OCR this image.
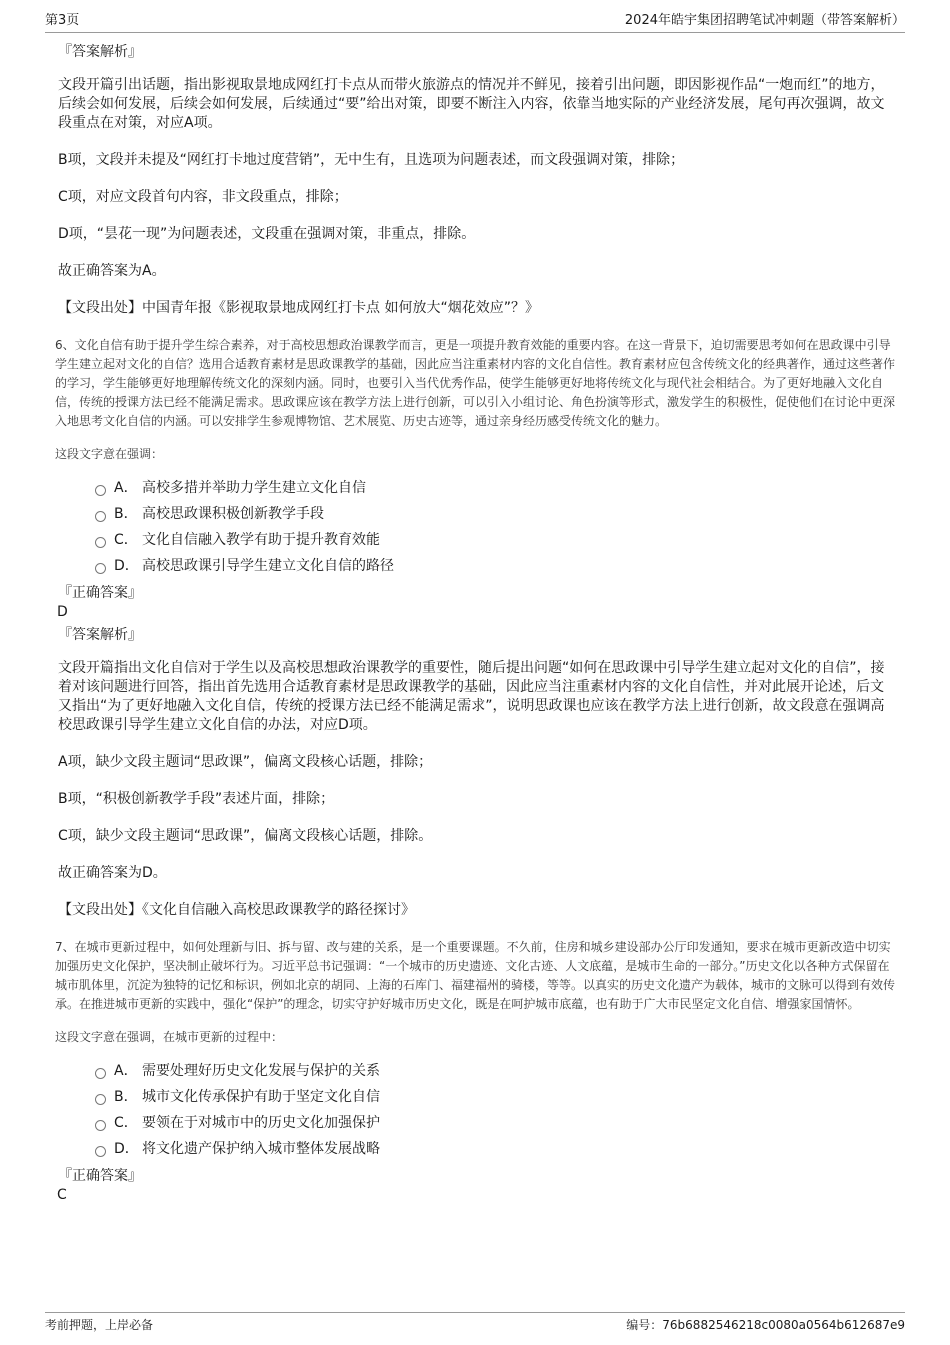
第3页	2024年皓宇集团招聘笔试冲刺题（带答案解析）
『答案解析』

文段开篇引出话题，指出影视取景地成网红打卡点从而带火旅游点的情况并不鲜见，接着引出问题，即因影视作品“一炮而红”的地方，后续会如何发展，后续会如何发展，后续通过“要”给出对策，即要不断注入内容，依靠当地实际的产业经济发展，尾句再次强调，故文段重点在对策，对应A项。

B项，文段并未提及“网红打卡地过度营销”，无中生有，且选项为问题表述，而文段强调对策，排除；

C项，对应文段首句内容，非文段重点，排除；

D项，“昙花一现”为问题表述，文段重在强调对策，非重点，排除。

故正确答案为A。

【文段出处】中国青年报《影视取景地成网红打卡点 如何放大“烟花效应”？》

6、文化自信有助于提升学生综合素养，对于高校思想政治课教学而言，更是一项提升教育效能的重要内容。在这一背景下，迫切需要思考如何在思政课中引导学生建立起对文化的自信？选用合适教育素材是思政课教学的基础，因此应当注重素材内容的文化自信性。教育素材应包含传统文化的经典著作，通过这些著作的学习，学生能够更好地理解传统文化的深刻内涵。同时，也要引入当代优秀作品，使学生能够更好地将传统文化与现代社会相结合。为了更好地融入文化自信，传统的授课方法已经不能满足需求。思政课应该在教学方法上进行创新，可以引入小组讨论、角色扮演等形式，激发学生的积极性，促使他们在讨论中更深入地思考文化自信的内涵。可以安排学生参观博物馆、艺术展览、历史古迹等，通过亲身经历感受传统文化的魅力。

这段文字意在强调：

A． 高校多措并举助力学生建立文化自信
B． 高校思政课积极创新教学手段
C． 文化自信融入教学有助于提升教育效能
D． 高校思政课引导学生建立文化自信的路径
『正确答案』
D
『答案解析』

文段开篇指出文化自信对于学生以及高校思想政治课教学的重要性，随后提出问题“如何在思政课中引导学生建立起对文化的自信”，接着对该问题进行回答，指出首先选用合适教育素材是思政课教学的基础，因此应当注重素材内容的文化自信性，并对此展开论述，后文又指出“为了更好地融入文化自信，传统的授课方法已经不能满足需求”，说明思政课也应该在教学方法上进行创新，故文段意在强调高校思政课引导学生建立文化自信的办法，对应D项。

A项，缺少文段主题词“思政课”，偏离文段核心话题，排除；

B项，“积极创新教学手段”表述片面，排除；

C项，缺少文段主题词“思政课”，偏离文段核心话题，排除。

故正确答案为D。

【文段出处】《文化自信融入高校思政课教学的路径探讨》

7、在城市更新过程中，如何处理新与旧、拆与留、改与建的关系，是一个重要课题。不久前，住房和城乡建设部办公厅印发通知，要求在城市更新改造中切实加强历史文化保护，坚决制止破坏行为。习近平总书记强调：“一个城市的历史遗迹、文化古迹、人文底蕴，是城市生命的一部分。”历史文化以各种方式保留在城市肌体里，沉淀为独特的记忆和标识，例如北京的胡同、上海的石库门、福建福州的骑楼，等等。以真实的历史文化遗产为载体，城市的文脉可以得到有效传承。在推进城市更新的实践中，强化“保护”的理念，切实守护好城市历史文化，既是在呵护城市底蕴，也有助于广大市民坚定文化自信、增强家国情怀。

这段文字意在强调，在城市更新的过程中：

A． 需要处理好历史文化发展与保护的关系
B． 城市文化传承保护有助于坚定文化自信
C． 要领在于对城市中的历史文化加强保护
D． 将文化遗产保护纳入城市整体发展战略
『正确答案』
C
考前押题，上岸必备	编号：76b6882546218c0080a0564b612687e9
